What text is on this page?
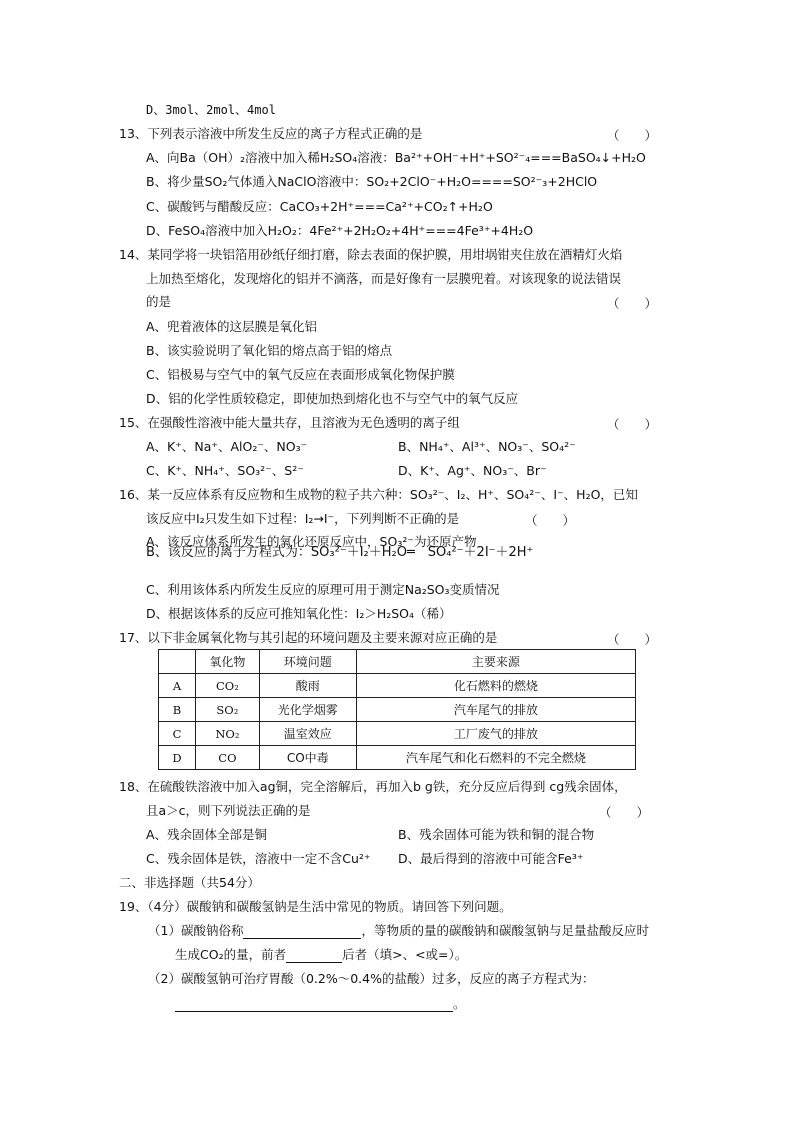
D、3mol、2mol、4mol
13、下列表示溶液中所发生反应的离子方程式正确的是	（　　）
A、向Ba（OH）₂溶液中加入稀H₂SO₄溶液：Ba²⁺+OH⁻+H⁺+SO²⁻₄===BaSO₄↓+H₂O
B、将少量SO₂气体通入NaClO溶液中：SO₂+2ClO⁻+H₂O====SO²⁻₃+2HClO
C、碳酸钙与醋酸反应：CaCO₃+2H⁺===Ca²⁺+CO₂↑+H₂O
D、FeSO₄溶液中加入H₂O₂：4Fe²⁺+2H₂O₂+4H⁺===4Fe³⁺+4H₂O
14、某同学将一块铝箔用砂纸仔细打磨，除去表面的保护膜，用坩埚钳夹住放在酒精灯火焰
上加热至熔化，发现熔化的铝并不滴落，而是好像有一层膜兜着。对该现象的说法错误
的是	（　　）
A、兜着液体的这层膜是氧化铝
B、该实验说明了氧化铝的熔点高于铝的熔点
C、铝极易与空气中的氧气反应在表面形成氧化物保护膜
D、铝的化学性质较稳定，即使加热到熔化也不与空气中的氧气反应
15、在强酸性溶液中能大量共存，且溶液为无色透明的离子组	（　　）
A、K⁺、Na⁺、AlO₂⁻、NO₃⁻	B、NH₄⁺、Al³⁺、NO₃⁻、SO₄²⁻
C、K⁺、NH₄⁺、SO₃²⁻、S²⁻	D、K⁺、Ag⁺、NO₃⁻、Br⁻
16、某一反应体系有反应物和生成物的粒子共六种：SO₃²⁻、I₂、H⁺、SO₄²⁻、I⁻、H₂O，已知
该反应中I₂只发生如下过程：I₂→I⁻，下列判断不正确的是	（　　）
A、该反应体系所发生的氧化还原反应中，SO₃²⁻为还原产物
B、该反应的离子方程式为：SO₃²⁻＋I₂＋H₂O═　SO₄²⁻＋2I⁻＋2H⁺
C、利用该体系内所发生反应的原理可用于测定Na₂SO₃变质情况
D、根据该体系的反应可推知氧化性：I₂＞H₂SO₄（稀）
17、以下非金属氧化物与其引起的环境问题及主要来源对应正确的是	（　　）
	氧化物	环境问题	主要来源
A	CO₂	酸雨	化石燃料的燃烧
B	SO₂	光化学烟雾	汽车尾气的排放
C	NO₂	温室效应	工厂废气的排放
D	CO	CO中毒	汽车尾气和化石燃料的不完全燃烧
18、在硫酸铁溶液中加入ag铜，完全溶解后，再加入b g铁，充分反应后得到 cg残余固体，
且a＞c，则下列说法正确的是	（　　）
A、残余固体全部是铜	B、残余固体可能为铁和铜的混合物
C、残余固体是铁，溶液中一定不含Cu²⁺ D、最后得到的溶液中可能含Fe³⁺
二、非选择题（共54分）
19、（4分）碳酸钠和碳酸氢钠是生活中常见的物质。请回答下列问题。
（1）碳酸钠俗称	，等物质的量的碳酸钠和碳酸氢钠与足量盐酸反应时
生成CO₂的量，前者	后者（填>、<或=）。
（2）碳酸氢钠可治疗胃酸（0.2%～0.4%的盐酸）过多，反应的离子方程式为：
。
